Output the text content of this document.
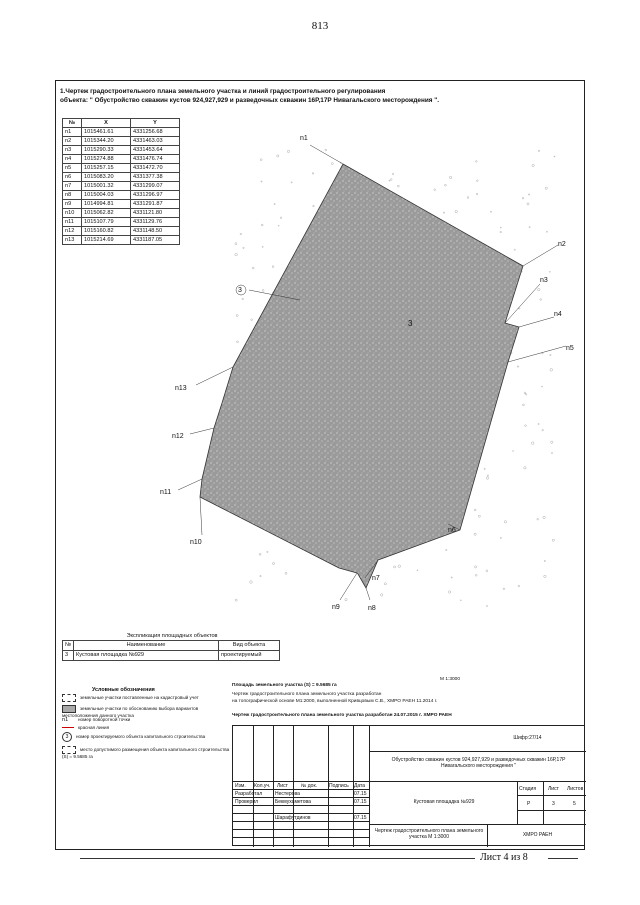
813
1.Чертеж градостроительного плана земельного участка и линий градостроительного регулирования
объекта: " Обустройство скважин кустов 924,927,929 и разведочных скважин 16Р,17Р Нивагальского месторождения ".
№	X	Y
n1	1015461.61	4331256.68
n2	1015344.20	4331463.03
n3	1015290.33	4331453.64
n4	1015274.88	4331476.74
n5	1015257.15	4331472.70
n6	1015083.20	4331377.38
n7	1015001.32	4331299.07
n8	1015004.03	4331296.97
n9	1014994.81	4331291.87
n10	1015062.82	4331121.80
n11	1015107.79	4331129.76
n12	1015160.82	4331148.50
n13	1015214.69	4331187.05
n1
n2
n3
n4
n5
n6
n7
n8
n9
n10
n11
n12
n13
3
3
Экспликация площадных объектов
№	Наименование	Вид объекта
3	Кустовая площадка №929	проектируемый
М 1:3000
Площадь земельного участка (S) = 9.5685 га
Чертеж градостроительного плана земельного участка разработан
на топографической основе М1:2000, выполненной Кривцовым С.В., ХМРО РАЕН 11.2014 г.
Чертеж градостроительного плана земельного участка разработан 24.07.2015 г. ХМРО РАЕН
Условные обозначения
земельные участки поставленные на кадастровый учет
земельные участки по обоснованию выбора вариантов местоположения данного участка
n1 номер поворотной точки
красная линия
3 номер проектируемого объекта капитального строительства
место допустимого размещения объекта капитального строительства (S) = 9.5685 га
Шифр:27/14
Обустройство скважин кустов 924,927,929 и разведочных скважин 16Р,17Р Нивагальского месторождения "
Изм. Кол.уч. Лист	№ док. Подпись Дата
Разработал	Нестерова	07.15
Проверил	Бекмухаметова	07.15
Шарафутдинов	07.15
Кустовая площадка №929
Стадия Лист Листов
Р	3	5
Чертеж градостроительного плана земельного участка М 1:3000	ХМРО РАЕН
Лист 4 из 8
